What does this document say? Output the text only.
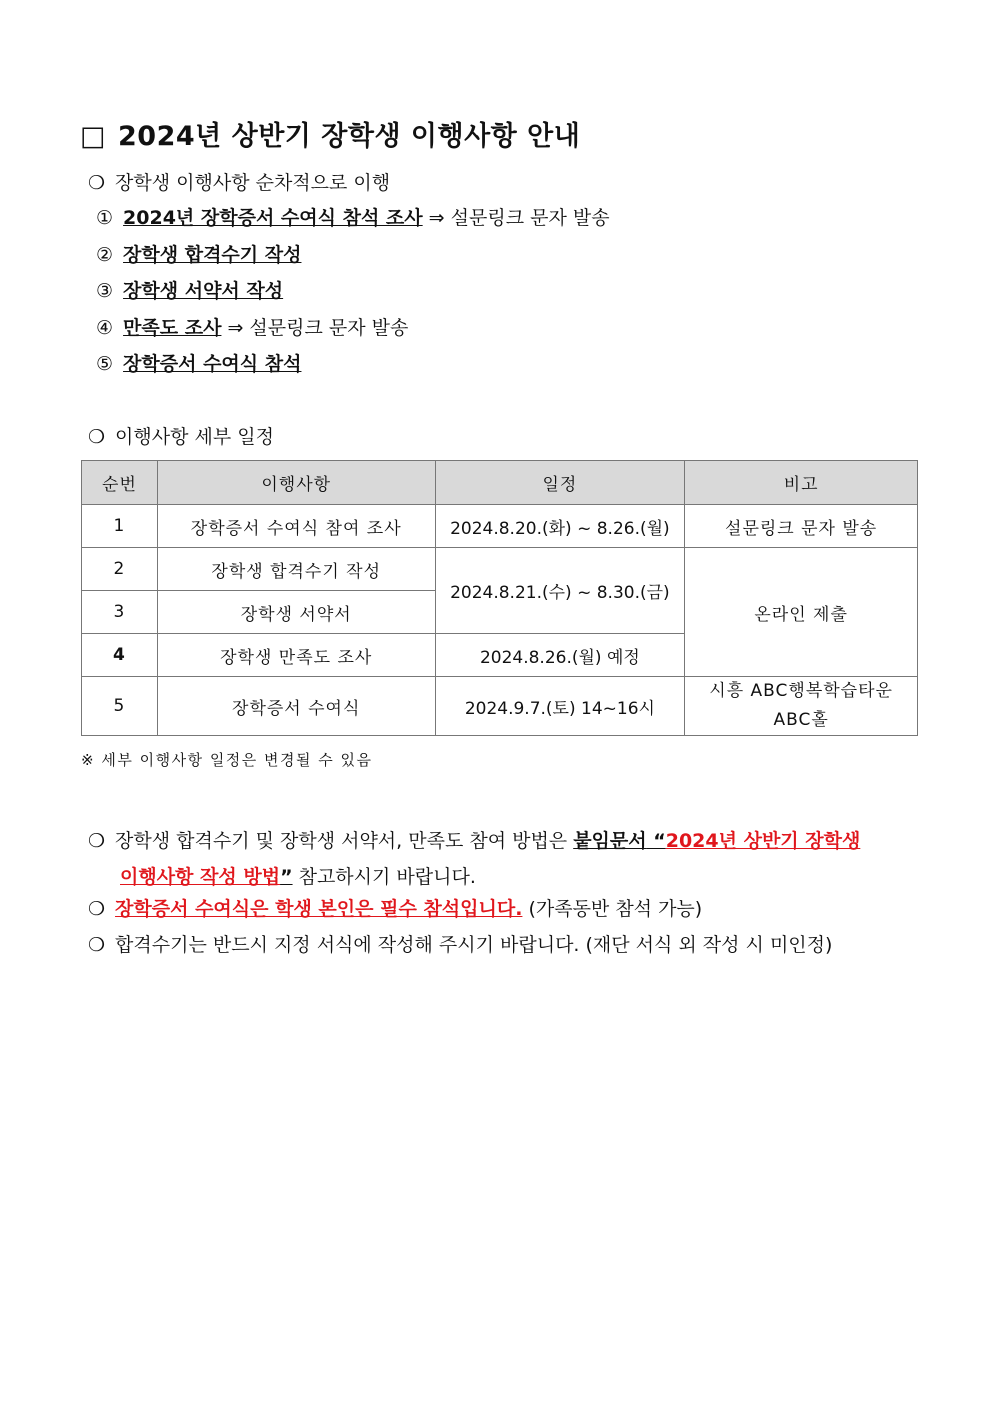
□ 2024년 상반기 장학생 이행사항 안내
❍ 장학생 이행사항 순차적으로 이행
① 2024년 장학증서 수여식 참석 조사 ⇒ 설문링크 문자 발송
② 장학생 합격수기 작성
③ 장학생 서약서 작성
④ 만족도 조사 ⇒ 설문링크 문자 발송
⑤ 장학증서 수여식 참석
❍ 이행사항 세부 일정
순번	이행사항	일정	비고
1	장학증서 수여식 참여 조사	2024.8.20.(화) ~ 8.26.(월)	설문링크 문자 발송
2	장학생 합격수기 작성	2024.8.21.(수) ~ 8.30.(금)	온라인 제출
3	장학생 서약서		
4	장학생 만족도 조사	2024.8.26.(월) 예정	
5	장학증서 수여식	2024.9.7.(토) 14~16시	시흥 ABC행복학습타운
ABC홀
※ 세부 이행사항 일정은 변경될 수 있음
❍ 장학생 합격수기 및 장학생 서약서, 만족도 참여 방법은 붙임문서 “2024년 상반기 장학생
이행사항 작성 방법” 참고하시기 바랍니다.
❍ 장학증서 수여식은 학생 본인은 필수 참석입니다. (가족동반 참석 가능)
❍ 합격수기는 반드시 지정 서식에 작성해 주시기 바랍니다. (재단 서식 외 작성 시 미인정)
